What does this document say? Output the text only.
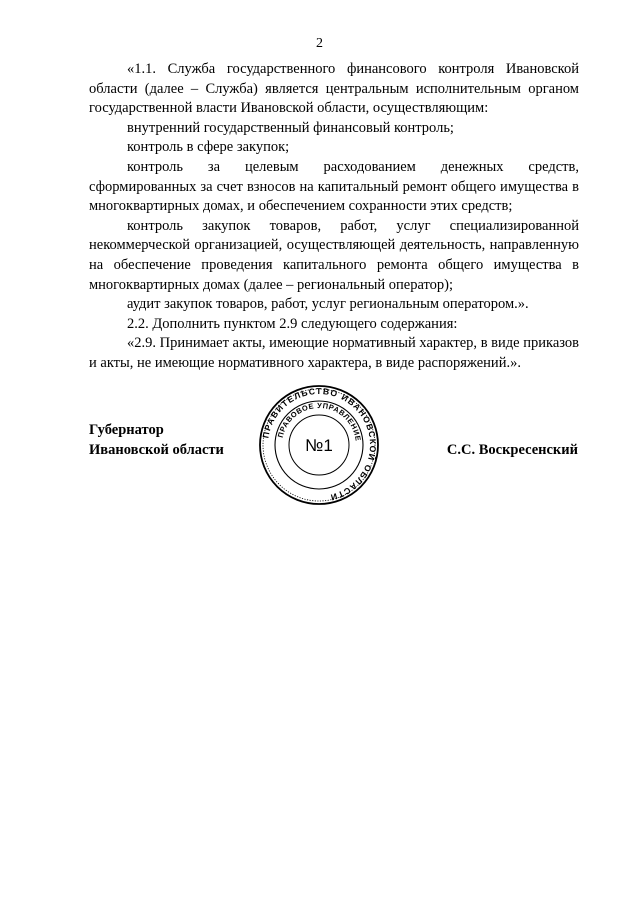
2

«1.1. Служба государственного финансового контроля Ивановской области (далее – Служба) является центральным исполнительным органом государственной власти Ивановской области, осуществляющим:

внутренний государственный финансовый контроль;

контроль в сфере закупок;

контроль за целевым расходованием денежных средств, сформированных за счет взносов на капитальный ремонт общего имущества в многоквартирных домах, и обеспечением сохранности этих средств;

контроль закупок товаров, работ, услуг специализированной некоммерческой организацией, осуществляющей деятельность, направленную на обеспечение проведения капитального ремонта общего имущества в многоквартирных домах (далее – региональный оператор);

аудит закупок товаров, работ, услуг региональным оператором.».

2.2. Дополнить пунктом 2.9 следующего содержания:

«2.9. Принимает акты, имеющие нормативный характер, в виде приказов и акты, не имеющие нормативного характера, в виде распоряжений.».

Губернатор
Ивановской области
ПРАВИТЕЛЬСТВО ИВАНОВСКОЙ ОБЛАСТИ
ПРАВОВОЕ УПРАВЛЕНИЕ
№1	С.С. Воскресенский
